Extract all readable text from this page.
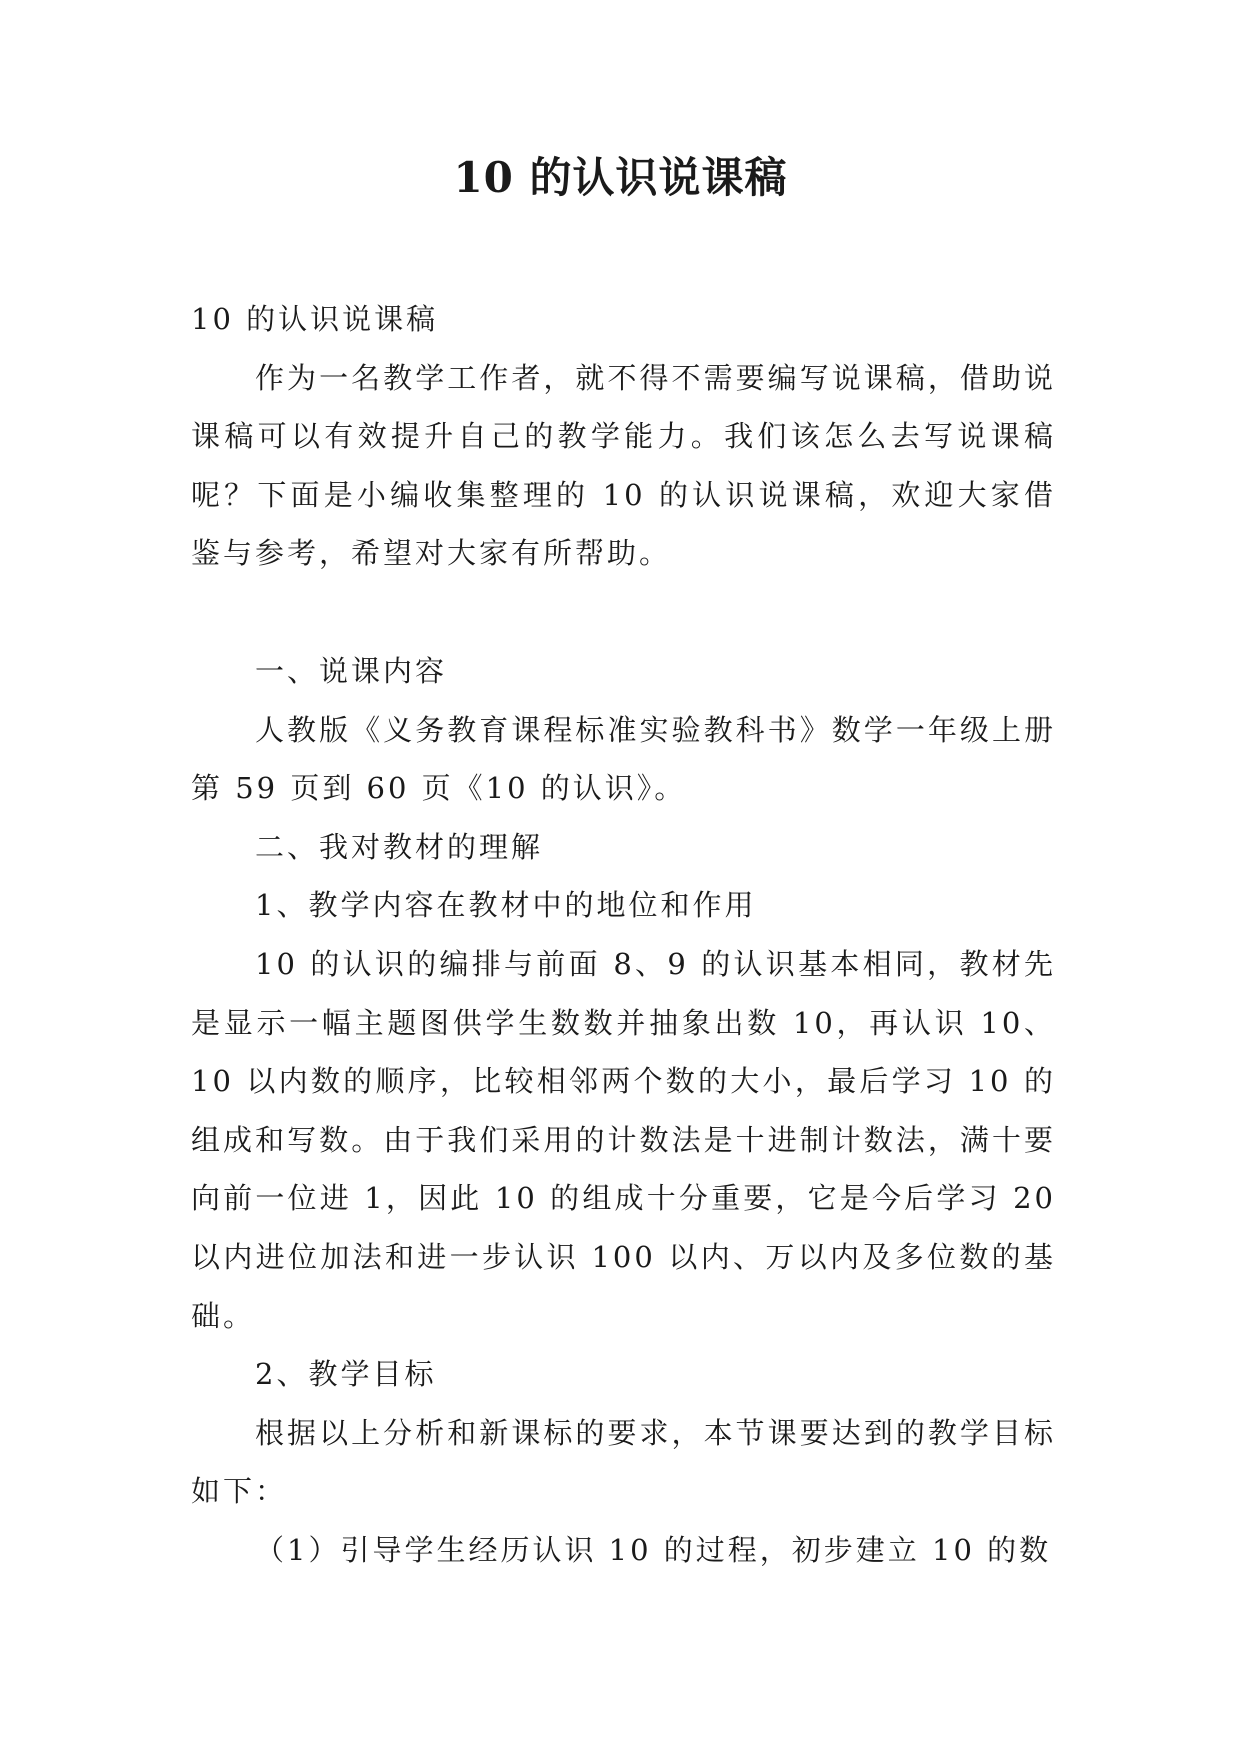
10 的认识说课稿

10 的认识说课稿

作为一名教学工作者，就不得不需要编写说课稿，借助说课稿可以有效提升自己的教学能力。我们该怎么去写说课稿呢？下面是小编收集整理的 10 的认识说课稿，欢迎大家借鉴与参考，希望对大家有所帮助。

一、说课内容

人教版《义务教育课程标准实验教科书》数学一年级上册第 59 页到 60 页《10 的认识》。

二、我对教材的理解

1、教学内容在教材中的地位和作用

10 的认识的编排与前面 8、9 的认识基本相同，教材先是显示一幅主题图供学生数数并抽象出数 10，再认识 10、10 以内数的顺序，比较相邻两个数的大小，最后学习 10 的组成和写数。由于我们采用的计数法是十进制计数法，满十要向前一位进 1，因此 10 的组成十分重要，它是今后学习 20 以内进位加法和进一步认识 100 以内、万以内及多位数的基础。

2、教学目标

根据以上分析和新课标的要求，本节课要达到的教学目标如下：

（1）引导学生经历认识 10 的过程，初步建立 10 的数
